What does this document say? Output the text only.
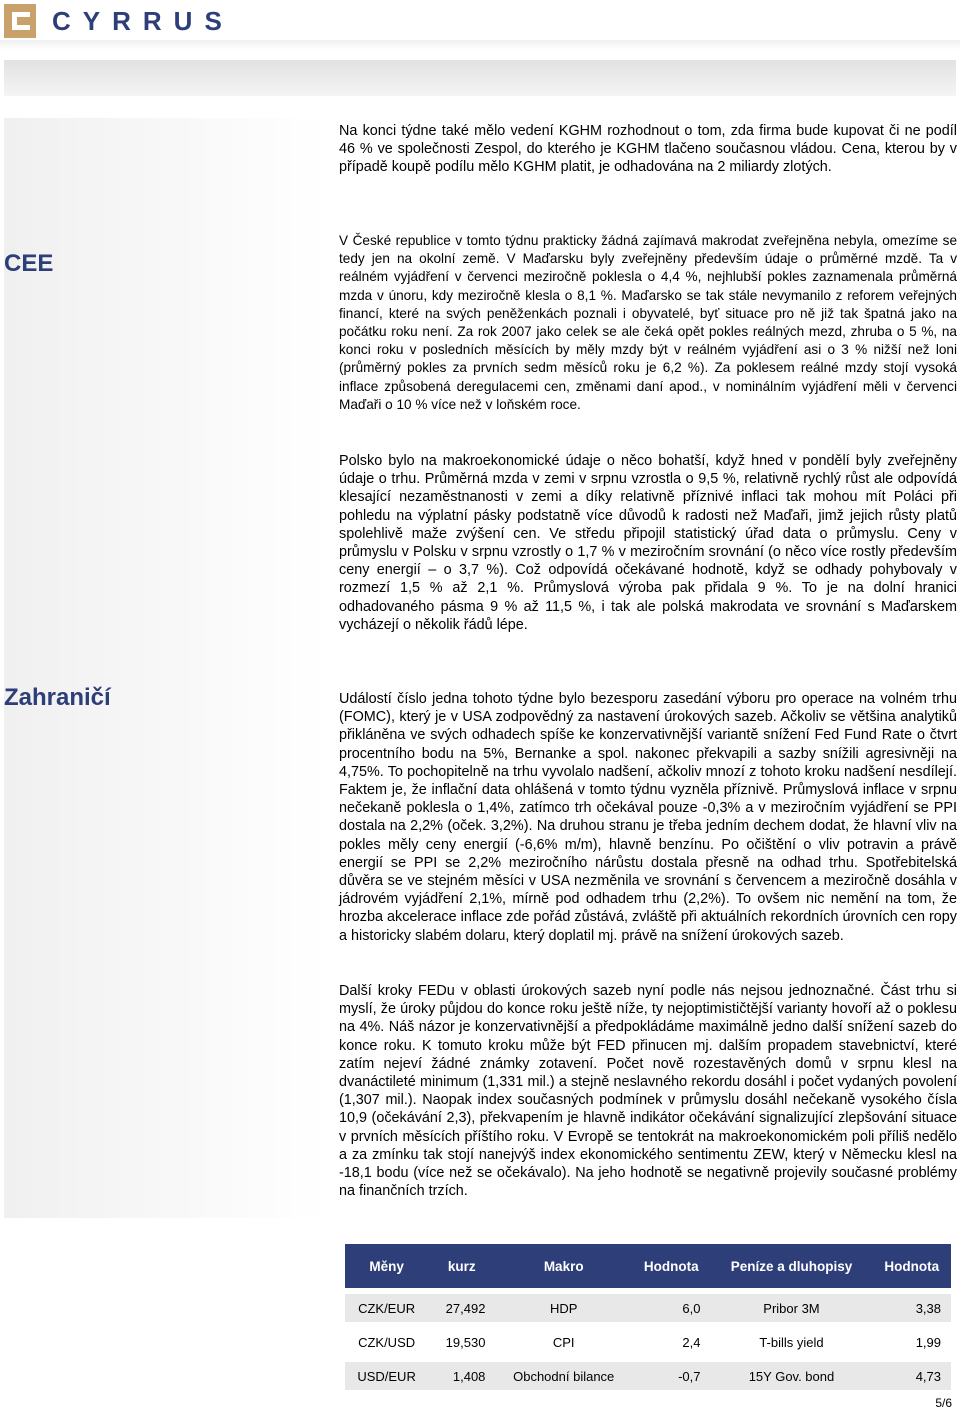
CYRRUS

Na konci týdne také mělo vedení KGHM rozhodnout o tom, zda firma bude kupovat či ne podíl 46 % ve společnosti Zespol, do kterého je KGHM tlačeno současnou vládou. Cena, kterou by v případě koupě podílu mělo KGHM platit, je odhadována na 2 miliardy zlotých.

CEE

V České republice v tomto týdnu prakticky žádná zajímavá makrodat zveřejněna nebyla, omezíme se tedy jen na okolní země. V Maďarsku byly zveřejněny především údaje o průměrné mzdě. Ta v reálném vyjádření v červenci meziročně poklesla o 4,4 %, nejhlubší pokles zaznamenala průměrná mzda v únoru, kdy meziročně klesla o 8,1 %. Maďarsko se tak stále nevymanilo z reforem veřejných financí, které na svých peněženkách poznali i obyvatelé, byť situace pro ně již tak špatná jako na počátku roku není. Za rok 2007 jako celek se ale čeká opět pokles reálných mezd, zhruba o 5 %, na konci roku v posledních měsících by měly mzdy být v reálném vyjádření asi o 3 % nižší než loni (průměrný pokles za prvních sedm měsíců roku je 6,2 %). Za poklesem reálné mzdy stojí vysoká inflace způsobená deregulacemi cen, změnami daní apod., v nominálním vyjádření měli v červenci Maďaři o 10 % více než v loňském roce.

Polsko bylo na makroekonomické údaje o něco bohatší, když hned v pondělí byly zveřejněny údaje o trhu. Průměrná mzda v zemi v srpnu vzrostla o 9,5 %, relativně rychlý růst ale odpovídá klesající nezaměstnanosti v zemi a díky relativně příznivé inflaci tak mohou mít Poláci při pohledu na výplatní pásky podstatně více důvodů k radosti než Maďaři, jimž jejich růsty platů spolehlivě maže zvýšení cen. Ve středu připojil statistický úřad data o průmyslu. Ceny v průmyslu v Polsku v srpnu vzrostly o 1,7 % v meziročním srovnání (o něco více rostly především ceny energií – o 3,7 %). Což odpovídá očekávané hodnotě, když se odhady pohybovaly v rozmezí 1,5 % až 2,1 %. Průmyslová výroba pak přidala 9 %. To je na dolní hranici odhadovaného pásma 9 % až 11,5 %, i tak ale polská makrodata ve srovnání s Maďarskem vycházejí o několik řádů lépe.

Zahraničí	Událostí číslo jedna tohoto týdne bylo bezesporu zasedání výboru pro operace na volném trhu (FOMC), který je v USA zodpovědný za nastavení úrokových sazeb. Ačkoliv se většina analytiků přikláněna ve svých odhadech spíše ke konzervativnější variantě snížení Fed Fund Rate o čtvrt procentního bodu na 5%, Bernanke a spol. nakonec překvapili a sazby snížili agresivněji na 4,75%. To pochopitelně na trhu vyvolalo nadšení, ačkoliv mnozí z tohoto kroku nadšení nesdílejí. Faktem je, že inflační data ohlášená v tomto týdnu vyzněla příznivě. Průmyslová inflace v srpnu nečekaně poklesla o 1,4%, zatímco trh očekával pouze -0,3% a v meziročním vyjádření se PPI dostala na 2,2% (oček. 3,2%). Na druhou stranu je třeba jedním dechem dodat, že hlavní vliv na pokles měly ceny energií (-6,6% m/m), hlavně benzínu. Po očištění o vliv potravin a právě energií se PPI se 2,2% meziročního nárůstu dostala přesně na odhad trhu. Spotřebitelská důvěra se ve stejném měsíci v USA nezměnila ve srovnání s červencem a meziročně dosáhla v jádrovém vyjádření 2,1%, mírně pod odhadem trhu (2,2%). To ovšem nic nemění na tom, že hrozba akcelerace inflace zde pořád zůstává, zvláště při aktuálních rekordních úrovních cen ropy a historicky slabém dolaru, který doplatil mj. právě na snížení úrokových sazeb.

Další kroky FEDu v oblasti úrokových sazeb nyní podle nás nejsou jednoznačné. Část trhu si myslí, že úroky půjdou do konce roku ještě níže, ty nejoptimističtější varianty hovoří až o poklesu na 4%. Náš názor je konzervativnější a předpokládáme maximálně jedno další snížení sazeb do konce roku. K tomuto kroku může být FED přinucen mj. dalším propadem stavebnictví, které zatím nejeví žádné známky zotavení. Počet nově rozestavěných domů v srpnu klesl na dvanáctileté minimum (1,331 mil.) a stejně neslavného rekordu dosáhl i počet vydaných povolení (1,307 mil.). Naopak index současných podmínek v průmyslu dosáhl nečekaně vysokého čísla 10,9 (očekávání 2,3), překvapením je hlavně indikátor očekávání signalizující zlepšování situace v prvních měsících příštího roku. V Evropě se tentokrát na makroekonomickém poli příliš nedělo a za zmínku tak stojí nanejvýš index ekonomického sentimentu ZEW, který v Německu klesl na -18,1 bodu (více než se očekávalo). Na jeho hodnotě se negativně projevily současné problémy na finančních trzích.

Měny	kurz	Makro	Hodnota	Peníze a dluhopisy	Hodnota
CZK/EUR	27,492	HDP	6,0	Pribor 3M	3,38
CZK/USD	19,530	CPI	2,4	T-bills yield	1,99
USD/EUR	1,408	Obchodní bilance	-0,7	15Y Gov. bond	4,73
5/6
